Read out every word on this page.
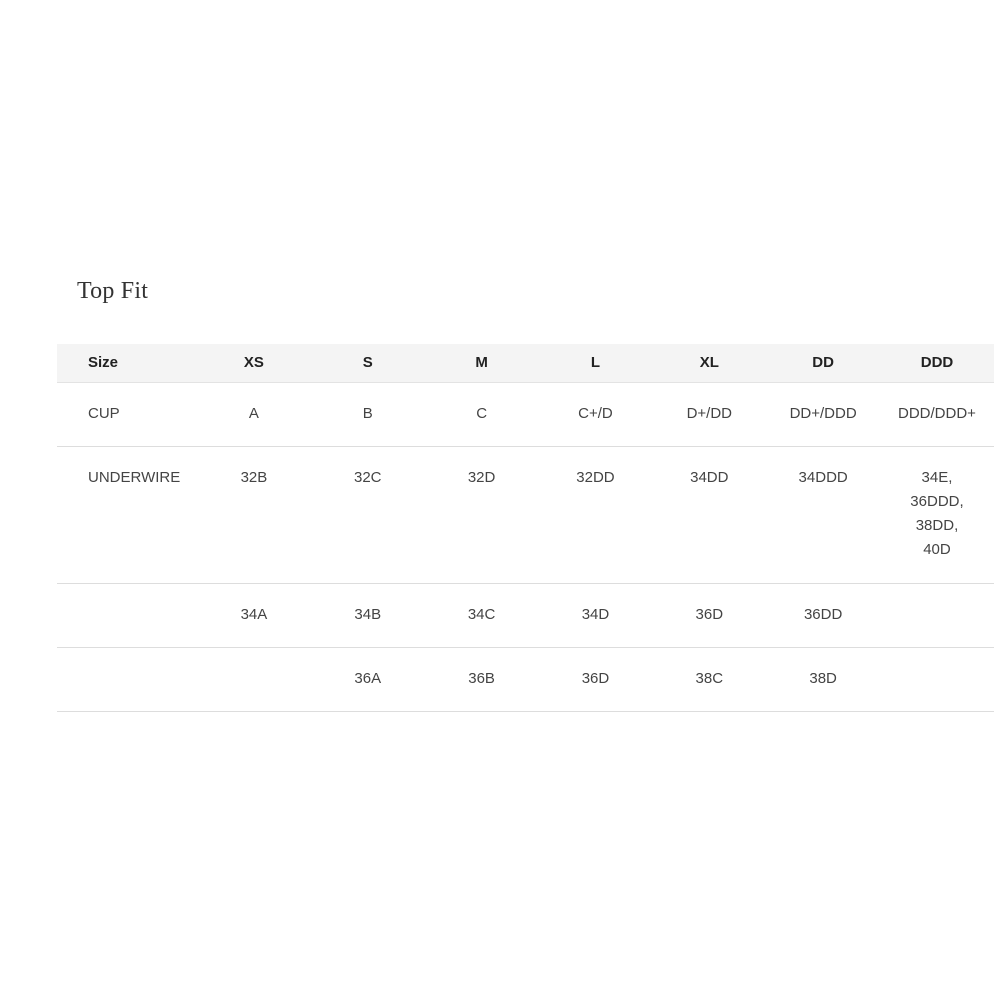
Top Fit
Size	XS	S	M	L	XL	DD	DDD
CUP	A	B	C	C+/D	D+/DD	DD+/DDD	DDD/DDD+
UNDERWIRE	32B	32C	32D	32DD	34DD	34DDD	34E,
36DDD,
38DD,
40D
	34A	34B	34C	34D	36D	36DD	
		36A	36B	36D	38C	38D	
